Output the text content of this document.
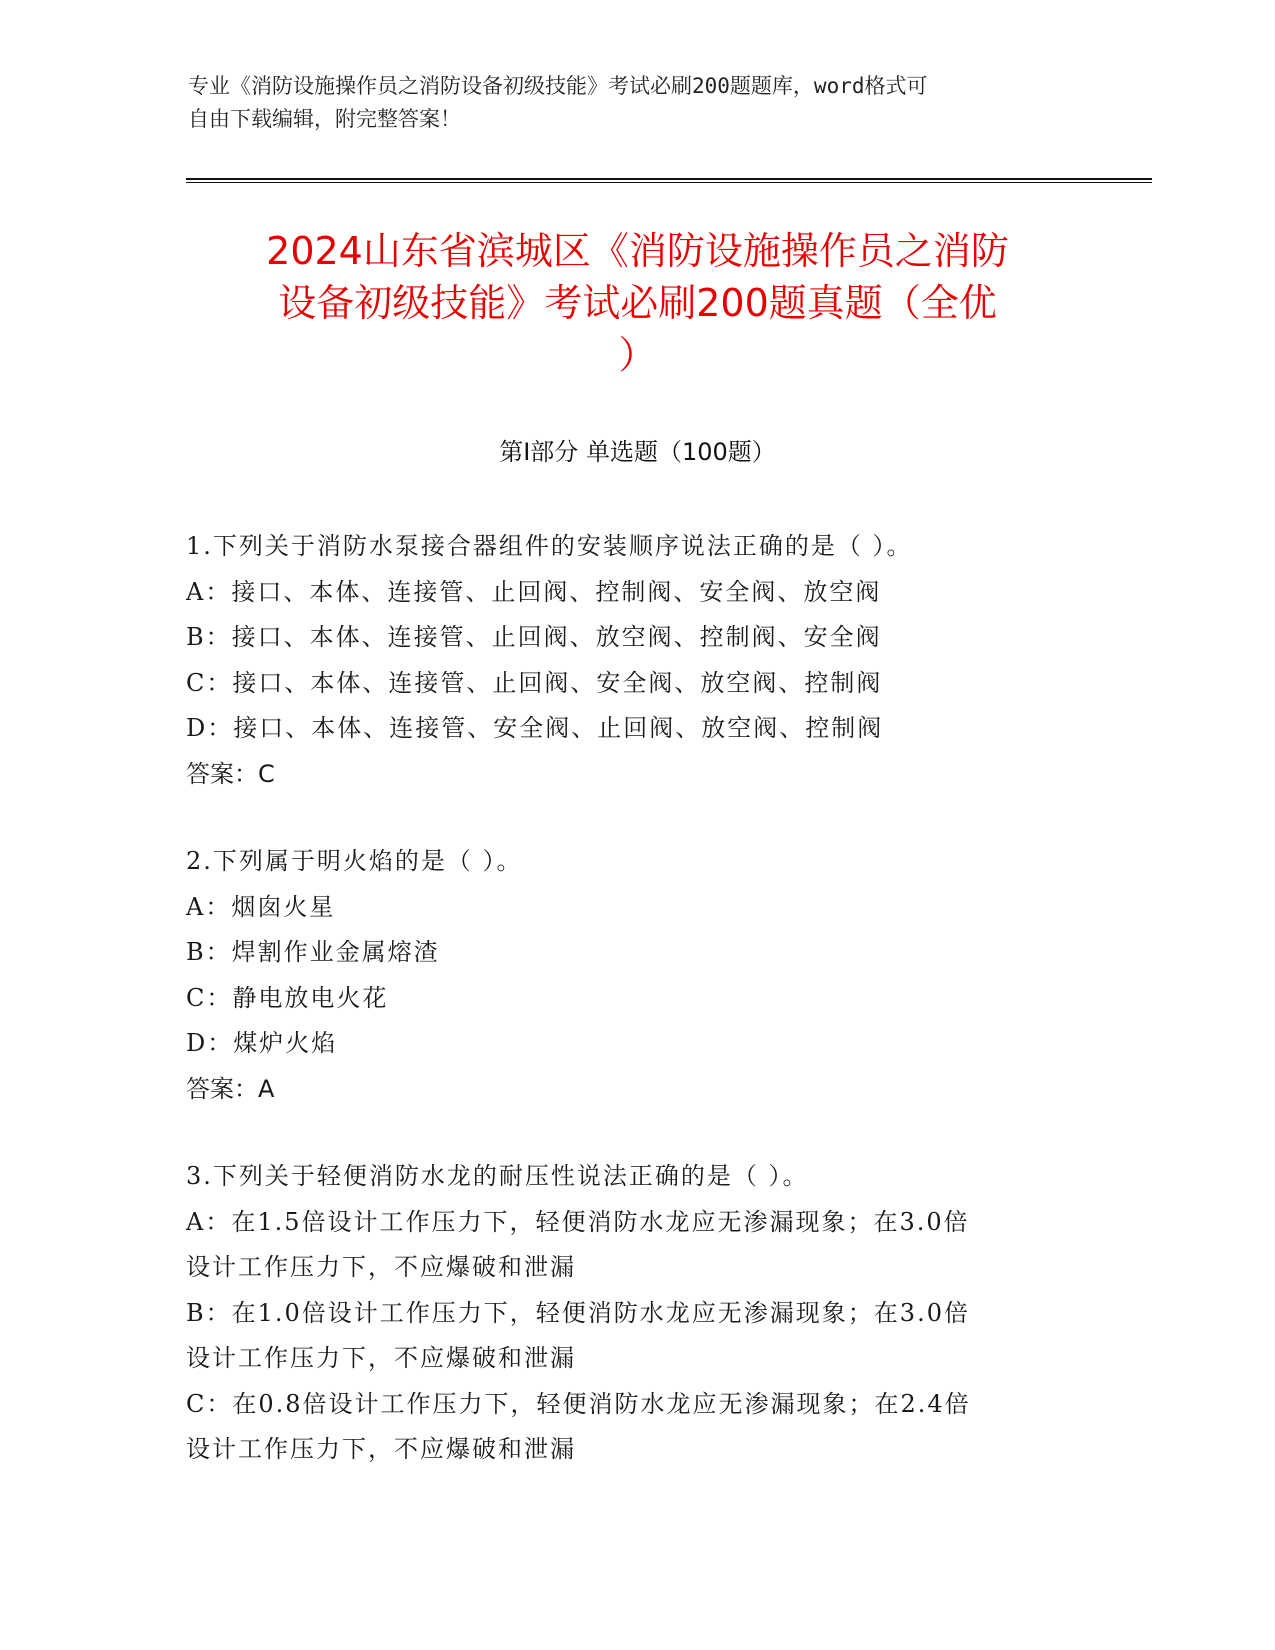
专业《消防设施操作员之消防设备初级技能》考试必刷200题题库，word格式可
自由下载编辑，附完整答案！
2024山东省滨城区《消防设施操作员之消防
设备初级技能》考试必刷200题真题（全优
）
第I部分 单选题（100题）
1.下列关于消防水泵接合器组件的安装顺序说法正确的是（ ）。
A：接口、本体、连接管、止回阀、控制阀、安全阀、放空阀
B：接口、本体、连接管、止回阀、放空阀、控制阀、安全阀
C：接口、本体、连接管、止回阀、安全阀、放空阀、控制阀
D：接口、本体、连接管、安全阀、止回阀、放空阀、控制阀
答案：C
2.下列属于明火焰的是（ ）。
A：烟囱火星
B：焊割作业金属熔渣
C：静电放电火花
D：煤炉火焰
答案：A
3.下列关于轻便消防水龙的耐压性说法正确的是（ ）。
A：在1.5倍设计工作压力下，轻便消防水龙应无渗漏现象；在3.0倍
设计工作压力下，不应爆破和泄漏
B：在1.0倍设计工作压力下，轻便消防水龙应无渗漏现象；在3.0倍
设计工作压力下，不应爆破和泄漏
C：在0.8倍设计工作压力下，轻便消防水龙应无渗漏现象；在2.4倍
设计工作压力下，不应爆破和泄漏
